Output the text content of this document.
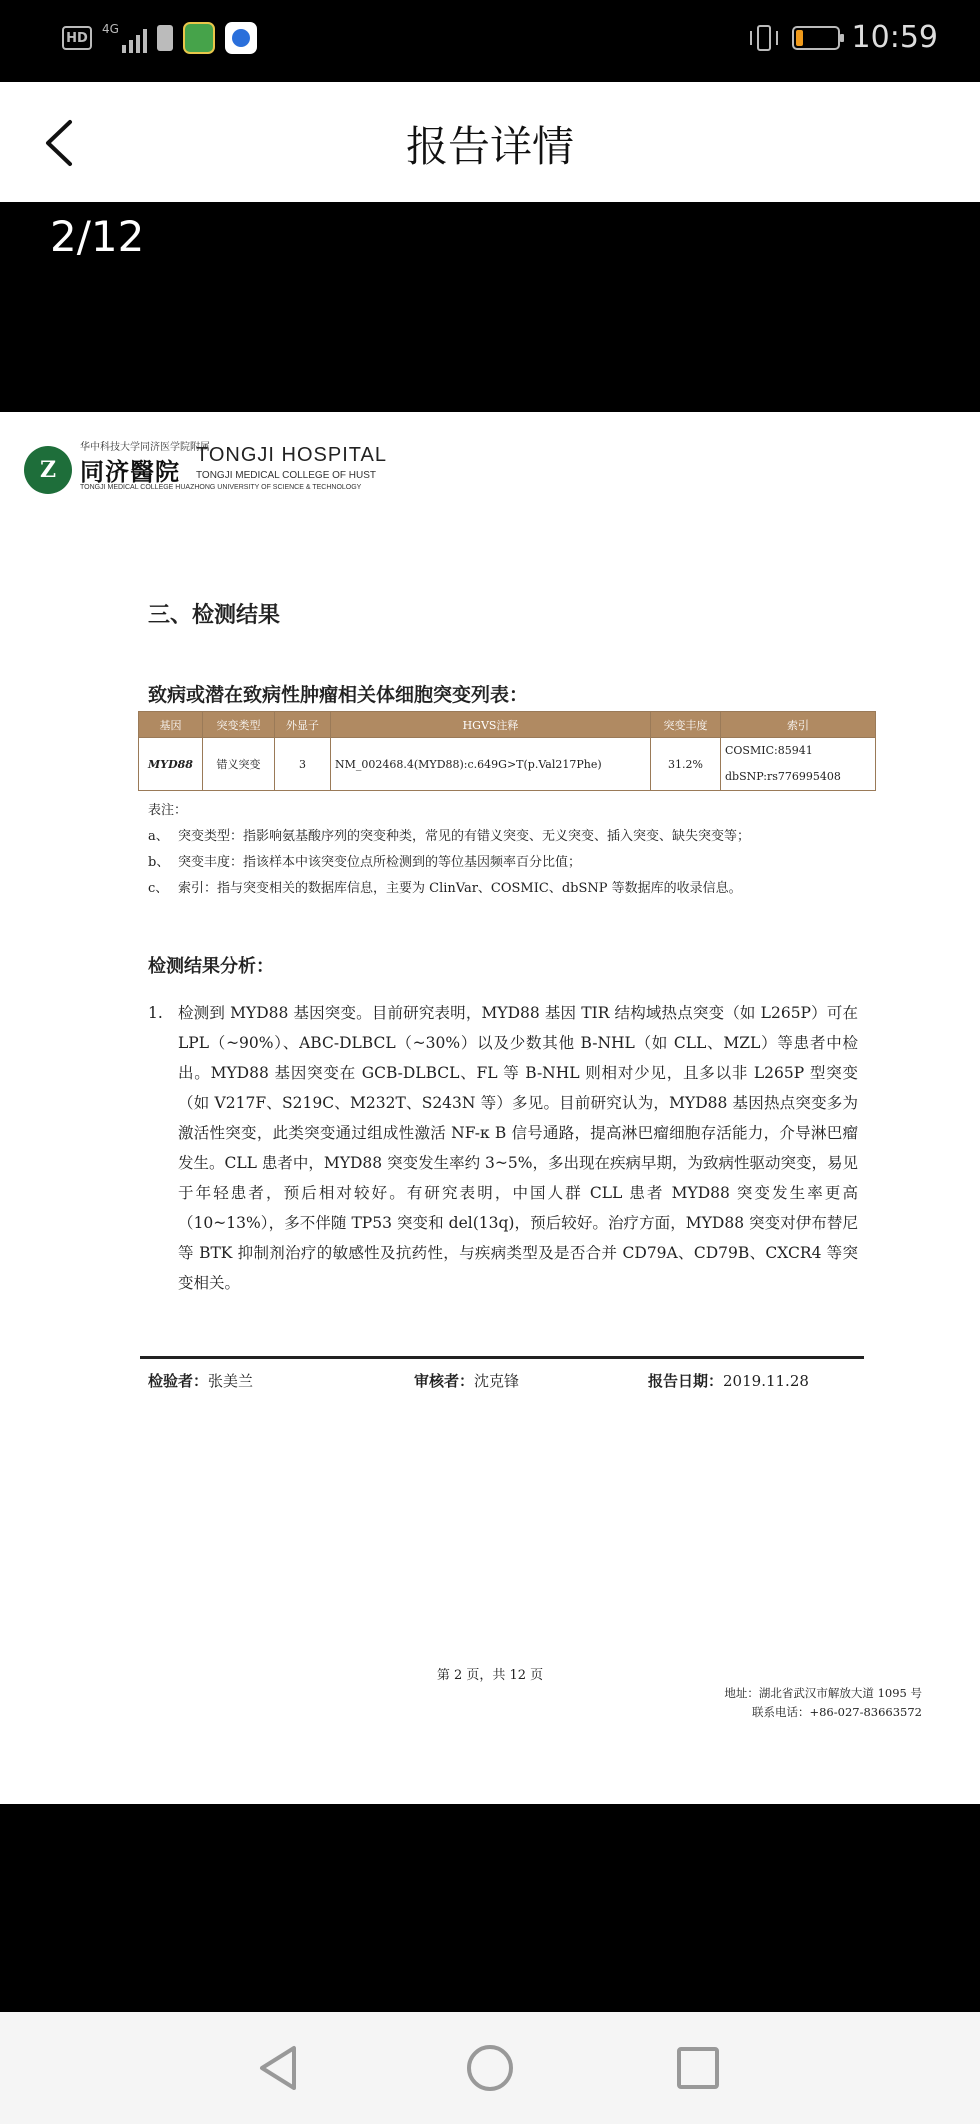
HD
4G	10:59
报告详情
2/12
Z
华中科技大学同济医学院附属
同济醫院
TONGJI HOSPITAL
TONGJI MEDICAL COLLEGE OF HUST
TONGJI MEDICAL COLLEGE HUAZHONG UNIVERSITY OF SCIENCE & TECHNOLOGY
三、检测结果
致病或潜在致病性肿瘤相关体细胞突变列表：
基因	突变类型	外显子	HGVS注释	突变丰度	索引
MYD88	错义突变	3	NM_002468.4(MYD88):c.649G>T(p.Val217Phe)	31.2%	COSMIC:85941
dbSNP:rs776995408
表注：
a、 突变类型：指影响氨基酸序列的突变种类，常见的有错义突变、无义突变、插入突变、缺失突变等；
b、 突变丰度：指该样本中该突变位点所检测到的等位基因频率百分比值；
c、 索引：指与突变相关的数据库信息，主要为 ClinVar、COSMIC、dbSNP 等数据库的收录信息。
检测结果分析：
1. 检测到 MYD88 基因突变。目前研究表明，MYD88 基因 TIR 结构域热点突变（如 L265P）可在 LPL（~90%）、ABC-DLBCL（~30%）以及少数其他 B-NHL（如 CLL、MZL）等患者中检出。MYD88 基因突变在 GCB-DLBCL、FL 等 B-NHL 则相对少见，且多以非 L265P 型突变（如 V217F、S219C、M232T、S243N 等）多见。目前研究认为，MYD88 基因热点突变多为激活性突变，此类突变通过组成性激活 NF-κ B 信号通路，提高淋巴瘤细胞存活能力，介导淋巴瘤发生。CLL 患者中，MYD88 突变发生率约 3~5%，多出现在疾病早期，为致病性驱动突变，易见于年轻患者，预后相对较好。有研究表明，中国人群 CLL 患者 MYD88 突变发生率更高（10~13%），多不伴随 TP53 突变和 del(13q)，预后较好。治疗方面，MYD88 突变对伊布替尼等 BTK 抑制剂治疗的敏感性及抗药性，与疾病类型及是否合并 CD79A、CD79B、CXCR4 等突变相关。
检验者：张美兰	审核者：沈克锋	报告日期：2019.11.28
第 2 页，共 12 页
地址：湖北省武汉市解放大道 1095 号
联系电话：+86-027-83663572
